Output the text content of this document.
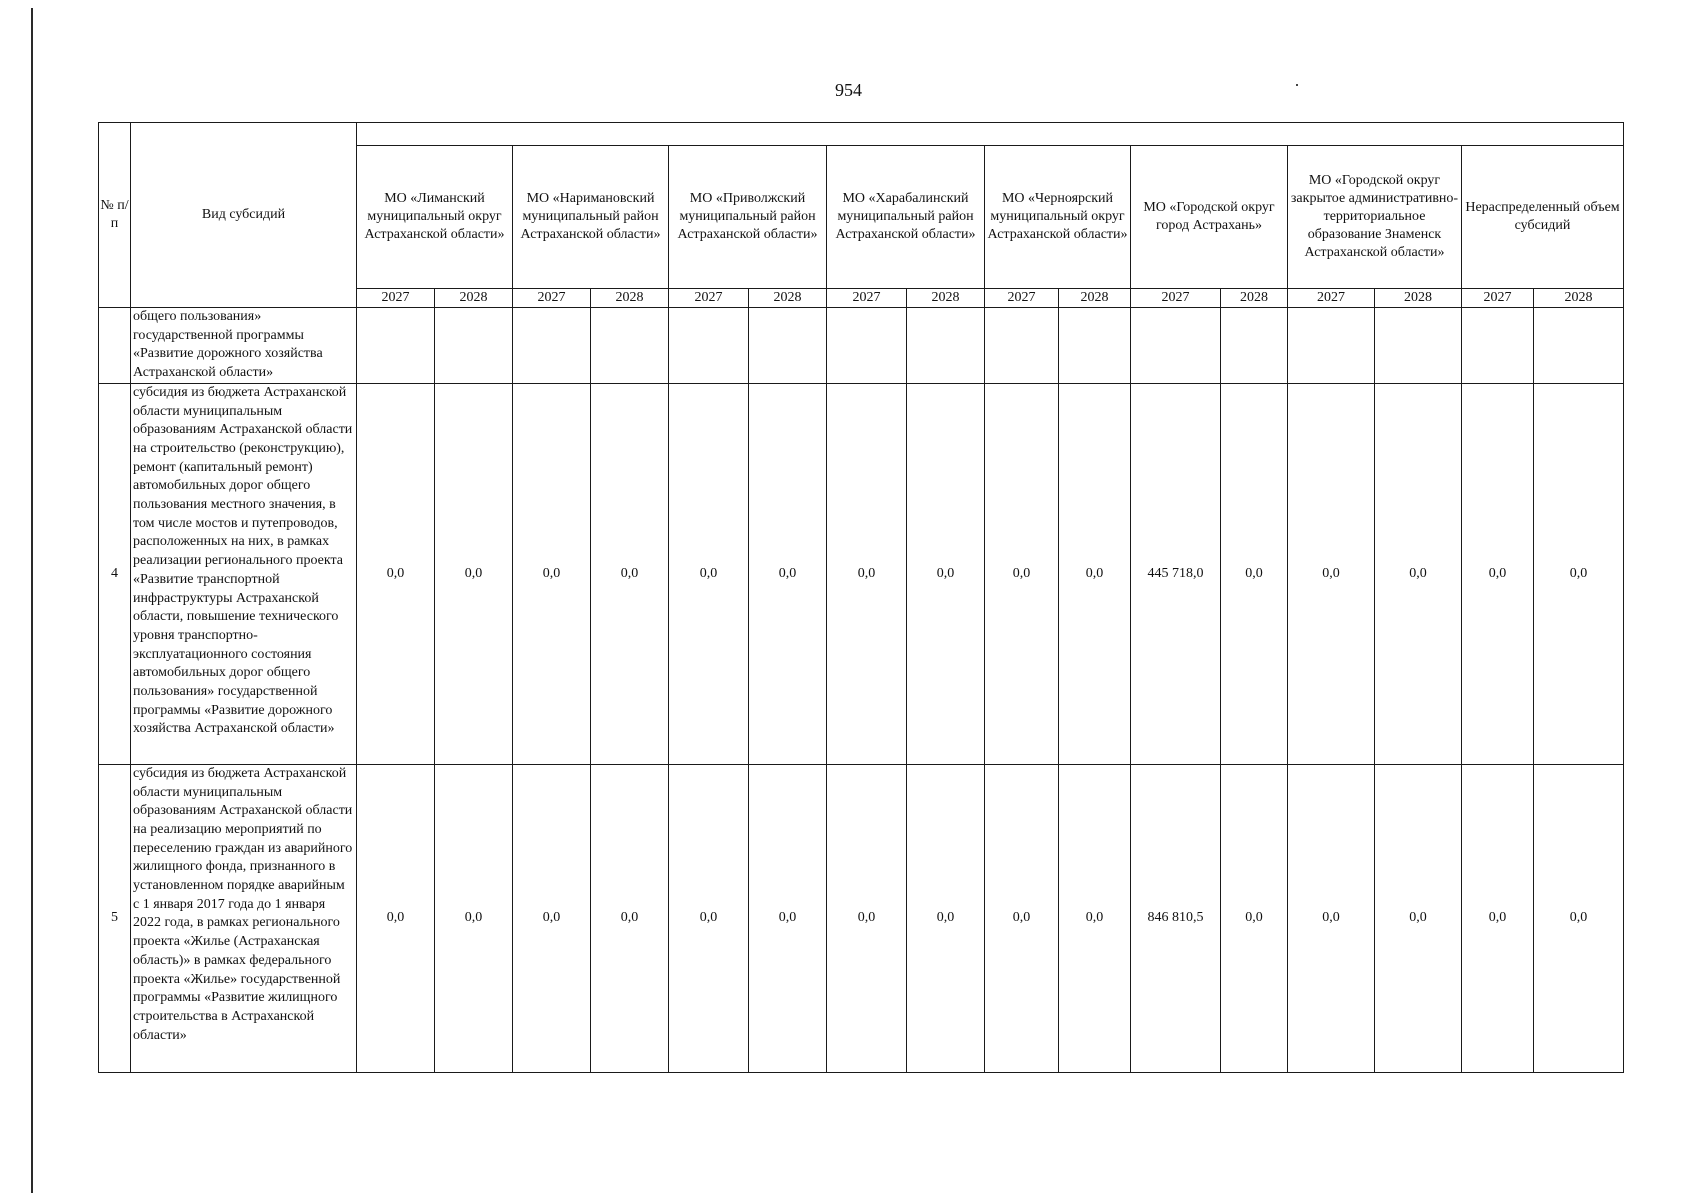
954
№ п/п	Вид субсидий																
		МО «Лиманский муниципальный округ Астраханской области»		МО «Наримановский муниципальный район Астраханской области»		МО «Приволжский муниципальный район Астраханской области»		МО «Харабалинский муниципальный район Астраханской области»		МО «Черноярский муниципальный округ Астраханской области»		МО «Городской округ город Астрахань»		МО «Городской округ закрытое административно-территориальное образование Знаменск Астраханской области»		Нераспределенный объем субсидий	
		2027	2028	2027	2028	2027	2028	2027	2028	2027	2028	2027	2028	2027	2028	2027	2028
	общего пользования» государственной программы «Развитие дорожного хозяйства Астраханской области»																
4	субсидия из бюджета Астраханской области муниципальным образованиям Астраханской области на строительство (реконструкцию), ремонт (капитальный ремонт) автомобильных дорог общего пользования местного значения, в том числе мостов и путепроводов, расположенных на них, в рамках реализации регионального проекта «Развитие транспортной инфраструктуры Астраханской области, повышение технического уровня транспортно-эксплуатационного состояния автомобильных дорог общего пользования» государственной программы «Развитие дорожного хозяйства Астраханской области»	0,0	0,0	0,0	0,0	0,0	0,0	0,0	0,0	0,0	0,0	445 718,0	0,0	0,0	0,0	0,0	0,0
5	субсидия из бюджета Астраханской области муниципальным образованиям Астраханской области на реализацию мероприятий по переселению граждан из аварийного жилищного фонда, признанного в установленном порядке аварийным с 1 января 2017 года до 1 января 2022 года, в рамках регионального проекта «Жилье (Астраханская область)» в рамках федерального проекта «Жилье» государственной программы «Развитие жилищного строительства в Астраханской области»	0,0	0,0	0,0	0,0	0,0	0,0	0,0	0,0	0,0	0,0	846 810,5	0,0	0,0	0,0	0,0	0,0
